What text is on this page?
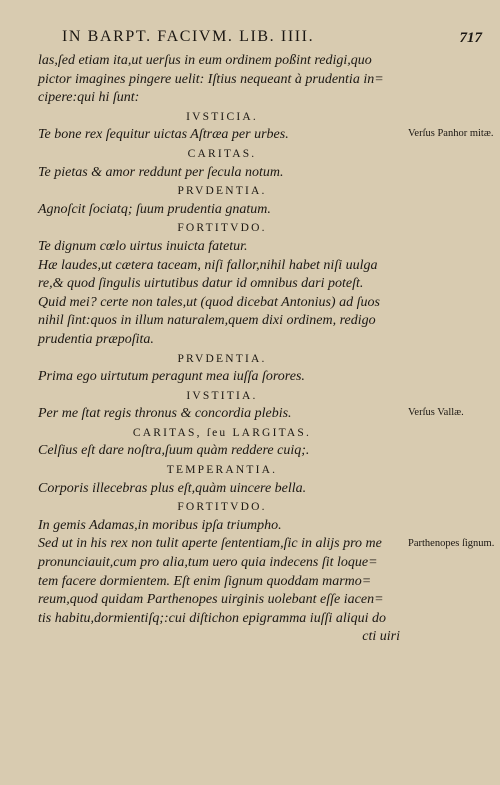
IN BARPT. FACIVM. LIB. IIII.	717
las,ſed etiam ita,ut uerſus in eum ordinem poßint redigi,quo
pictor imagines pingere uelit: Iſtius nequeant à prudentia in=
cipere:qui hi ſunt:
IVSTICIA.
Te bone rex ſequitur uictas Aſtræa per urbes.
CARITAS.
Te pietas & amor reddunt per ſecula notum.
PRVDENTIA.
Agnoſcit ſociatq; ſuum prudentia gnatum.
FORTITVDO.
Te dignum cœlo uirtus inuicta fatetur.
Hæ laudes,ut cætera taceam, niſi fallor,nihil habet niſi uulga
re,& quod ſingulis uirtutibus datur id omnibus dari poteſt.
Quid mei? certe non tales,ut (quod dicebat Antonius) ad ſuos
nihil ſint:quos in illum naturalem,quem dixi ordinem, redigo
prudentia præpoſita.
PRVDENTIA.
Prima ego uirtutum peragunt mea iuſſa ſorores.
IVSTITIA.
Per me ſtat regis thronus & concordia plebis.
CARITAS, ſeu LARGITAS.
Celſius eſt dare noſtra,ſuum quàm reddere cuiq;.
TEMPERANTIA.
Corporis illecebras plus eſt,quàm uincere bella.
FORTITVDO.
In gemis Adamas,in moribus ipſa triumpho.
Sed ut in his rex non tulit aperte ſententiam,ſic in alijs pro me
pronunciauit,cum pro alia,tum uero quia indecens ſit loque=
tem facere dormientem. Eſt enim ſignum quoddam marmo=
reum,quod quidam Parthenopes uirginis uolebant eſſe iacen=
tis habitu,dormientiſq;:cui diſtichon epigramma iuſſi aliqui do
cti uiri
Verſus Panhor mitæ.
Verſus Vallæ.
Parthenopes ſignum.
